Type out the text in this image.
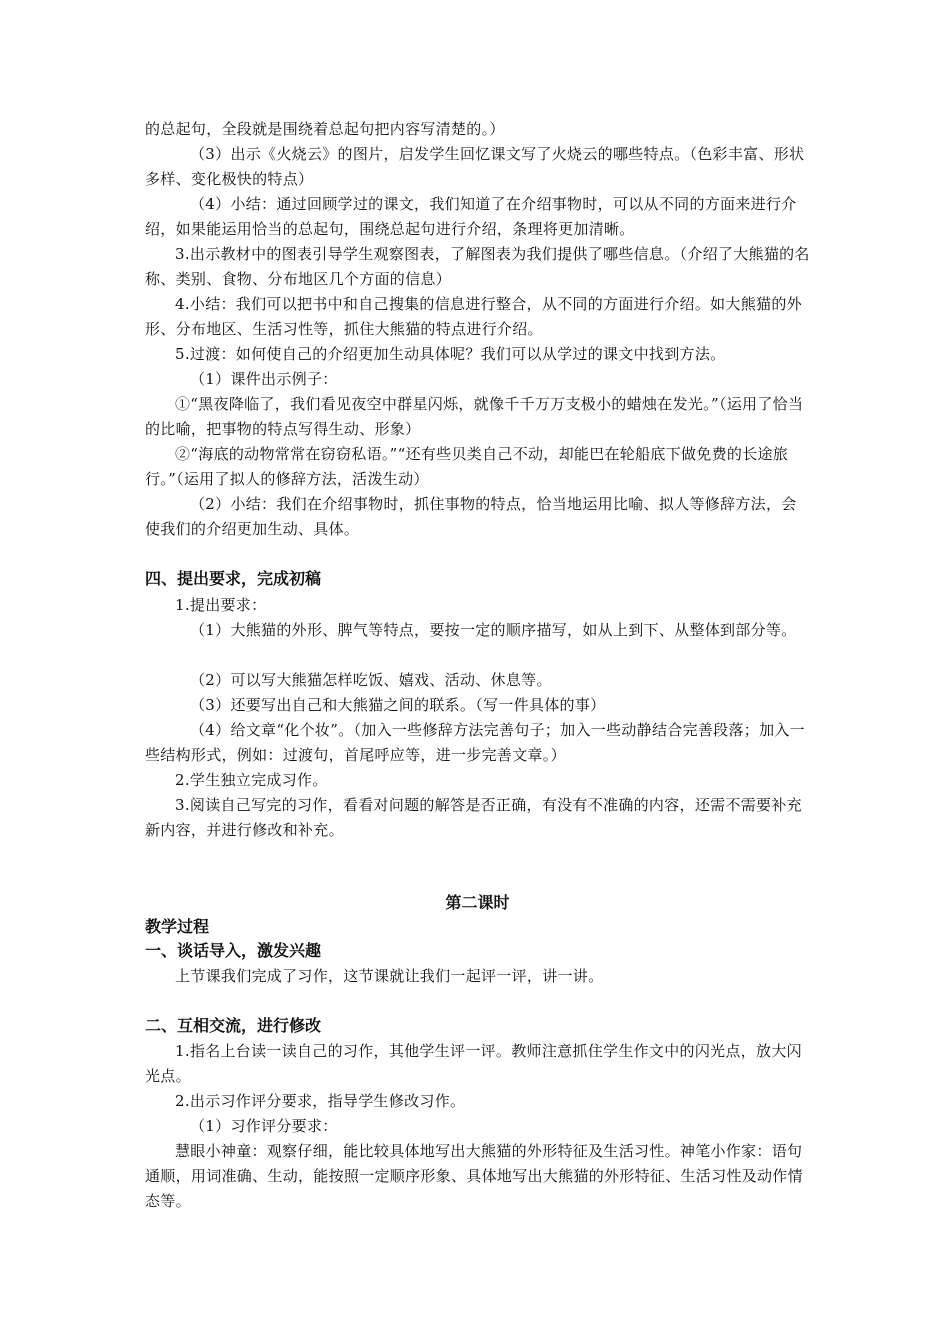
的总起句，全段就是围绕着总起句把内容写清楚的。）

（3）出示《火烧云》的图片，启发学生回忆课文写了火烧云的哪些特点。（色彩丰富、形状多样、变化极快的特点）

（4）小结：通过回顾学过的课文，我们知道了在介绍事物时，可以从不同的方面来进行介绍，如果能运用恰当的总起句，围绕总起句进行介绍，条理将更加清晰。

3.出示教材中的图表引导学生观察图表，了解图表为我们提供了哪些信息。（介绍了大熊猫的名称、类别、食物、分布地区几个方面的信息）

4.小结：我们可以把书中和自己搜集的信息进行整合，从不同的方面进行介绍。如大熊猫的外形、分布地区、生活习性等，抓住大熊猫的特点进行介绍。

5.过渡：如何使自己的介绍更加生动具体呢？我们可以从学过的课文中找到方法。

（1）课件出示例子：

①“黑夜降临了，我们看见夜空中群星闪烁，就像千千万万支极小的蜡烛在发光。”（运用了恰当的比喻，把事物的特点写得生动、形象）

②“海底的动物常常在窃窃私语。”“还有些贝类自己不动，却能巴在轮船底下做免费的长途旅行。”（运用了拟人的修辞方法，活泼生动）

（2）小结：我们在介绍事物时，抓住事物的特点，恰当地运用比喻、拟人等修辞方法，会使我们的介绍更加生动、具体。

四、提出要求，完成初稿

1.提出要求：

（1）大熊猫的外形、脾气等特点，要按一定的顺序描写，如从上到下、从整体到部分等。

（2）可以写大熊猫怎样吃饭、嬉戏、活动、休息等。

（3）还要写出自己和大熊猫之间的联系。（写一件具体的事）

（4）给文章“化个妆”。（加入一些修辞方法完善句子；加入一些动静结合完善段落；加入一些结构形式，例如：过渡句，首尾呼应等，进一步完善文章。）

2.学生独立完成习作。

3.阅读自己写完的习作，看看对问题的解答是否正确，有没有不准确的内容，还需不需要补充新内容，并进行修改和补充。

第二课时
教学过程
一、谈话导入，激发兴趣

上节课我们完成了习作，这节课就让我们一起评一评，讲一讲。

二、互相交流，进行修改

1.指名上台读一读自己的习作，其他学生评一评。教师注意抓住学生作文中的闪光点，放大闪光点。

2.出示习作评分要求，指导学生修改习作。

（1）习作评分要求：

慧眼小神童：观察仔细，能比较具体地写出大熊猫的外形特征及生活习性。神笔小作家：语句通顺，用词准确、生动，能按照一定顺序形象、具体地写出大熊猫的外形特征、生活习性及动作情态等。
